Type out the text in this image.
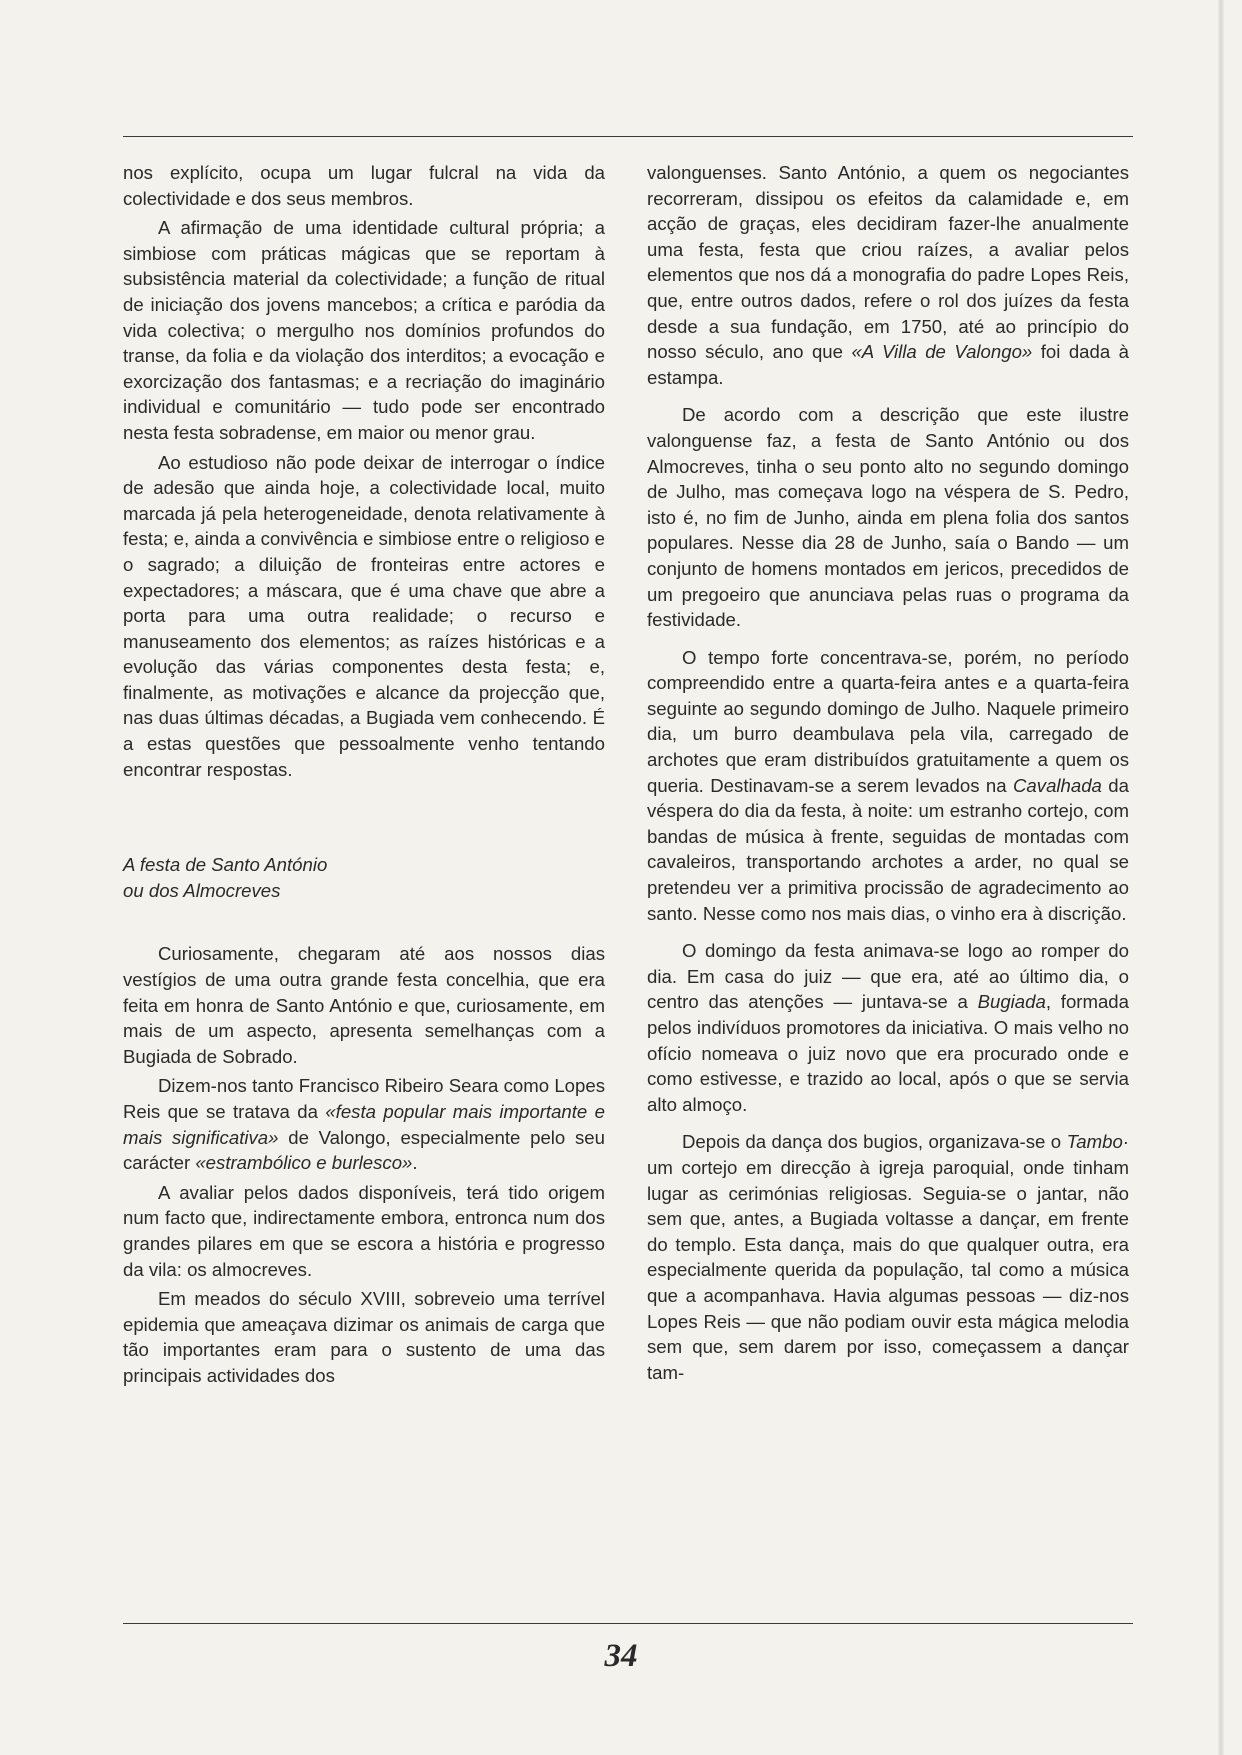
nos explícito, ocupa um lugar fulcral na vida da colectividade e dos seus membros.

A afirmação de uma identidade cultural própria; a simbiose com práticas mágicas que se reportam à subsistência material da colectividade; a função de ritual de iniciação dos jovens mancebos; a crítica e paródia da vida colectiva; o mergulho nos domínios profundos do transe, da folia e da violação dos interditos; a evocação e exorcização dos fantasmas; e a recriação do imaginário individual e comunitário — tudo pode ser encontrado nesta festa sobradense, em maior ou menor grau.

Ao estudioso não pode deixar de interrogar o índice de adesão que ainda hoje, a colectividade local, muito marcada já pela heterogeneidade, denota relativamente à festa; e, ainda a convivência e simbiose entre o religioso e o sagrado; a diluição de fronteiras entre actores e expectadores; a máscara, que é uma chave que abre a porta para uma outra realidade; o recurso e manuseamento dos elementos; as raízes históricas e a evolução das várias componentes desta festa; e, finalmente, as motivações e alcance da projecção que, nas duas últimas décadas, a Bugiada vem conhecendo. É a estas questões que pessoalmente venho tentando encontrar respostas.

A festa de Santo António
ou dos Almocreves

Curiosamente, chegaram até aos nossos dias vestígios de uma outra grande festa concelhia, que era feita em honra de Santo António e que, curiosamente, em mais de um aspecto, apresenta semelhanças com a Bugiada de Sobrado.

Dizem-nos tanto Francisco Ribeiro Seara como Lopes Reis que se tratava da «festa popular mais importante e mais significativa» de Valongo, especialmente pelo seu carácter «estrambólico e burlesco».

A avaliar pelos dados disponíveis, terá tido origem num facto que, indirectamente embora, entronca num dos grandes pilares em que se escora a história e progresso da vila: os almocreves.

Em meados do século XVIII, sobreveio uma terrível epidemia que ameaçava dizimar os animais de carga que tão importantes eram para o sustento de uma das principais actividades dos

valonguenses. Santo António, a quem os negociantes recorreram, dissipou os efeitos da calamidade e, em acção de graças, eles decidiram fazer-lhe anualmente uma festa, festa que criou raízes, a avaliar pelos elementos que nos dá a monografia do padre Lopes Reis, que, entre outros dados, refere o rol dos juízes da festa desde a sua fundação, em 1750, até ao princípio do nosso século, ano que «A Villa de Valongo» foi dada à estampa.

De acordo com a descrição que este ilustre valonguense faz, a festa de Santo António ou dos Almocreves, tinha o seu ponto alto no segundo domingo de Julho, mas começava logo na véspera de S. Pedro, isto é, no fim de Junho, ainda em plena folia dos santos populares. Nesse dia 28 de Junho, saía o Bando — um conjunto de homens montados em jericos, precedidos de um pregoeiro que anunciava pelas ruas o programa da festividade.

O tempo forte concentrava-se, porém, no período compreendido entre a quarta-feira antes e a quarta-feira seguinte ao segundo domingo de Julho. Naquele primeiro dia, um burro deambulava pela vila, carregado de archotes que eram distribuídos gratuitamente a quem os queria. Destinavam-se a serem levados na Cavalhada da véspera do dia da festa, à noite: um estranho cortejo, com bandas de música à frente, seguidas de montadas com cavaleiros, transportando archotes a arder, no qual se pretendeu ver a primitiva procissão de agradecimento ao santo. Nesse como nos mais dias, o vinho era à discrição.

O domingo da festa animava-se logo ao romper do dia. Em casa do juiz — que era, até ao último dia, o centro das atenções — juntava-se a Bugiada, formada pelos indivíduos promotores da iniciativa. O mais velho no ofício nomeava o juiz novo que era procurado onde e como estivesse, e trazido ao local, após o que se servia alto almoço.

Depois da dança dos bugios, organizava-se o Tambo· um cortejo em direcção à igreja paroquial, onde tinham lugar as cerimónias religiosas. Seguia-se o jantar, não sem que, antes, a Bugiada voltasse a dançar, em frente do templo. Esta dança, mais do que qualquer outra, era especialmente querida da população, tal como a música que a acompanhava. Havia algumas pessoas — diz-nos Lopes Reis — que não podiam ouvir esta mágica melodia sem que, sem darem por isso, começassem a dançar tam-

34
